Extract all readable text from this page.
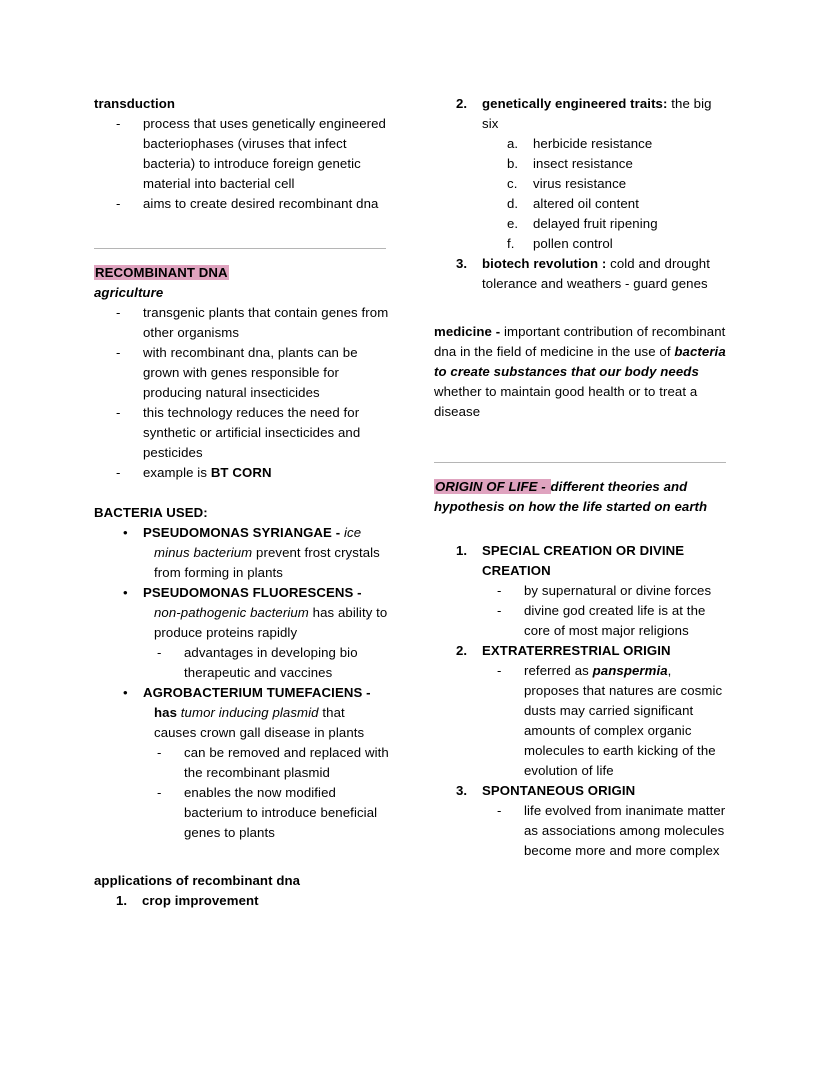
transduction
-	process that uses genetically engineered bacteriophases (viruses that infect bacteria) to introduce foreign genetic material into bacterial cell
-	aims to create desired recombinant dna
RECOMBINANT DNA
agriculture
-	transgenic plants that contain genes from other organisms
-	with recombinant dna, plants can be grown with genes responsible for producing natural insecticides
-	this technology reduces the need for synthetic or artificial insecticides and pesticides
-	example is BT CORN
BACTERIA USED:
•	PSEUDOMONAS SYRIANGAE - ice minus bacterium prevent frost crystals from forming in plants
•	PSEUDOMONAS FLUORESCENS - non-pathogenic bacterium has ability to produce proteins rapidly
-	advantages in developing bio therapeutic and vaccines
•	AGROBACTERIUM TUMEFACIENS - has tumor inducing plasmid that causes crown gall disease in plants
-	can be removed and replaced with the recombinant plasmid
-	enables the now modified bacterium to introduce beneficial genes to plants
applications of recombinant dna
1.	crop improvement
2.	genetically engineered traits: the big six
a.	herbicide resistance
b.	insect resistance
c.	virus resistance
d.	altered oil content
e.	delayed fruit ripening
f.	pollen control
3.	biotech revolution : cold and drought tolerance and weathers - guard genes

medicine - important contribution of recombinant dna in the field of medicine in the use of bacteria to create substances that our body needs whether to maintain good health or to treat a disease

ORIGIN OF LIFE - different theories and hypothesis on how the life started on earth

1.	SPECIAL CREATION OR DIVINE CREATION
-	by supernatural or divine forces
-	divine god created life is at the core of most major religions
2.	EXTRATERRESTRIAL ORIGIN
-	referred as panspermia, proposes that natures are cosmic dusts may carried significant amounts of complex organic molecules to earth kicking of the evolution of life
3.	SPONTANEOUS ORIGIN
-	life evolved from inanimate matter as associations among molecules become more and more complex
